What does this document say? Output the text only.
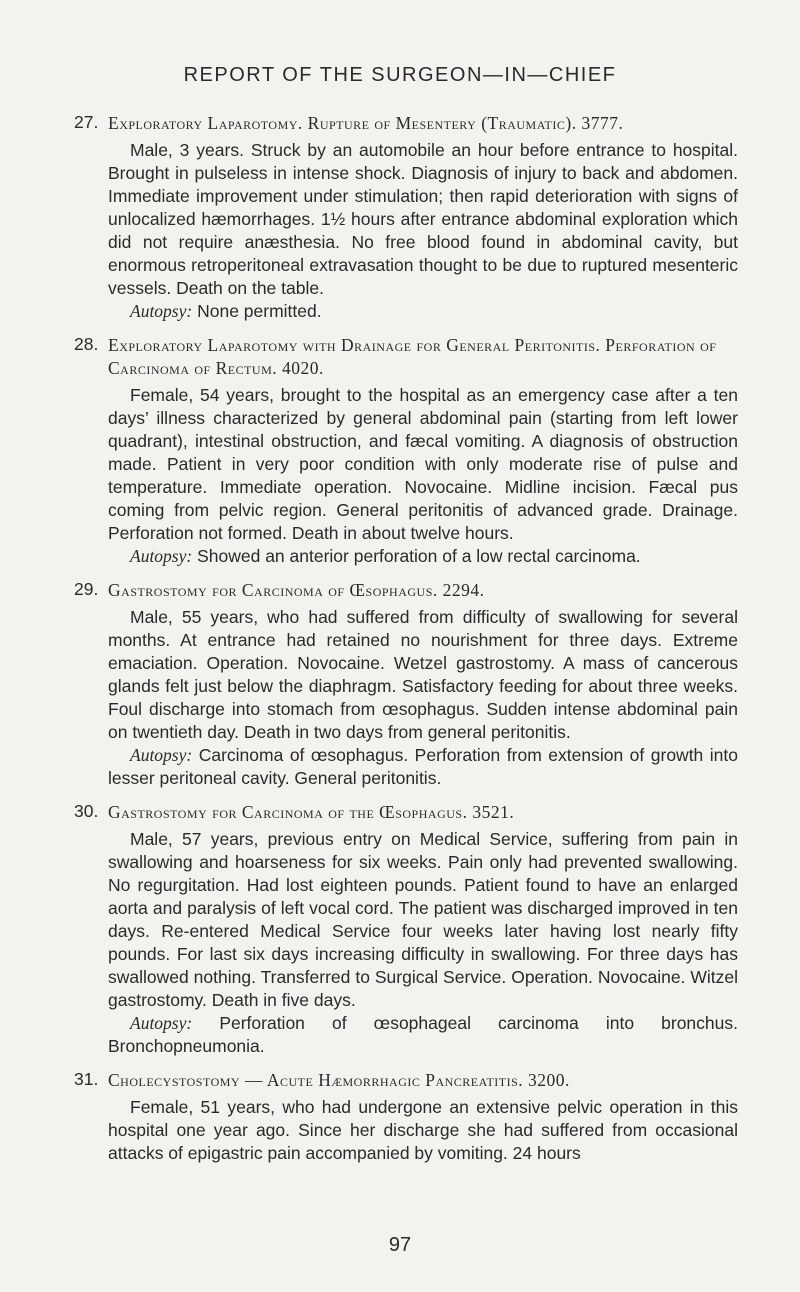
REPORT OF THE SURGEON—IN—CHIEF
27. Exploratory Laparotomy. Rupture of Mesentery (Traumatic). 3777.
Male, 3 years. Struck by an automobile an hour before entrance to hospital. Brought in pulseless in intense shock. Diagnosis of injury to back and abdomen. Immediate improvement under stimulation; then rapid deterioration with signs of unlocalized hæmorrhages. 1½ hours after entrance abdominal exploration which did not require anæsthesia. No free blood found in abdominal cavity, but enormous retroperitoneal extravasation thought to be due to ruptured mesenteric vessels. Death on the table.
Autopsy: None permitted.
28. Exploratory Laparotomy with Drainage for General Peritonitis. Perforation of Carcinoma of Rectum. 4020.
Female, 54 years, brought to the hospital as an emergency case after a ten days’ illness characterized by general abdominal pain (starting from left lower quadrant), intestinal obstruction, and fæcal vomiting. A diagnosis of obstruction made. Patient in very poor condition with only moderate rise of pulse and temperature. Immediate operation. Novocaine. Midline incision. Fæcal pus coming from pelvic region. General peritonitis of advanced grade. Drainage. Perforation not formed. Death in about twelve hours.
Autopsy: Showed an anterior perforation of a low rectal carcinoma.
29. Gastrostomy for Carcinoma of Œsophagus. 2294.
Male, 55 years, who had suffered from difficulty of swallowing for several months. At entrance had retained no nourishment for three days. Extreme emaciation. Operation. Novocaine. Wetzel gastrostomy. A mass of cancerous glands felt just below the diaphragm. Satisfactory feeding for about three weeks. Foul discharge into stomach from œsophagus. Sudden intense abdominal pain on twentieth day. Death in two days from general peritonitis.
Autopsy: Carcinoma of œsophagus. Perforation from extension of growth into lesser peritoneal cavity. General peritonitis.
30. Gastrostomy for Carcinoma of the Œsophagus. 3521.
Male, 57 years, previous entry on Medical Service, suffering from pain in swallowing and hoarseness for six weeks. Pain only had prevented swallowing. No regurgitation. Had lost eighteen pounds. Patient found to have an enlarged aorta and paralysis of left vocal cord. The patient was discharged improved in ten days. Re-entered Medical Service four weeks later having lost nearly fifty pounds. For last six days increasing difficulty in swallowing. For three days has swallowed nothing. Transferred to Surgical Service. Operation. Novocaine. Witzel gastrostomy. Death in five days.
Autopsy: Perforation of œsophageal carcinoma into bronchus. Bronchopneumonia.
31. Cholecystostomy — Acute Hæmorrhagic Pancreatitis. 3200.
Female, 51 years, who had undergone an extensive pelvic operation in this hospital one year ago. Since her discharge she had suffered from occasional attacks of epigastric pain accompanied by vomiting. 24 hours
97
